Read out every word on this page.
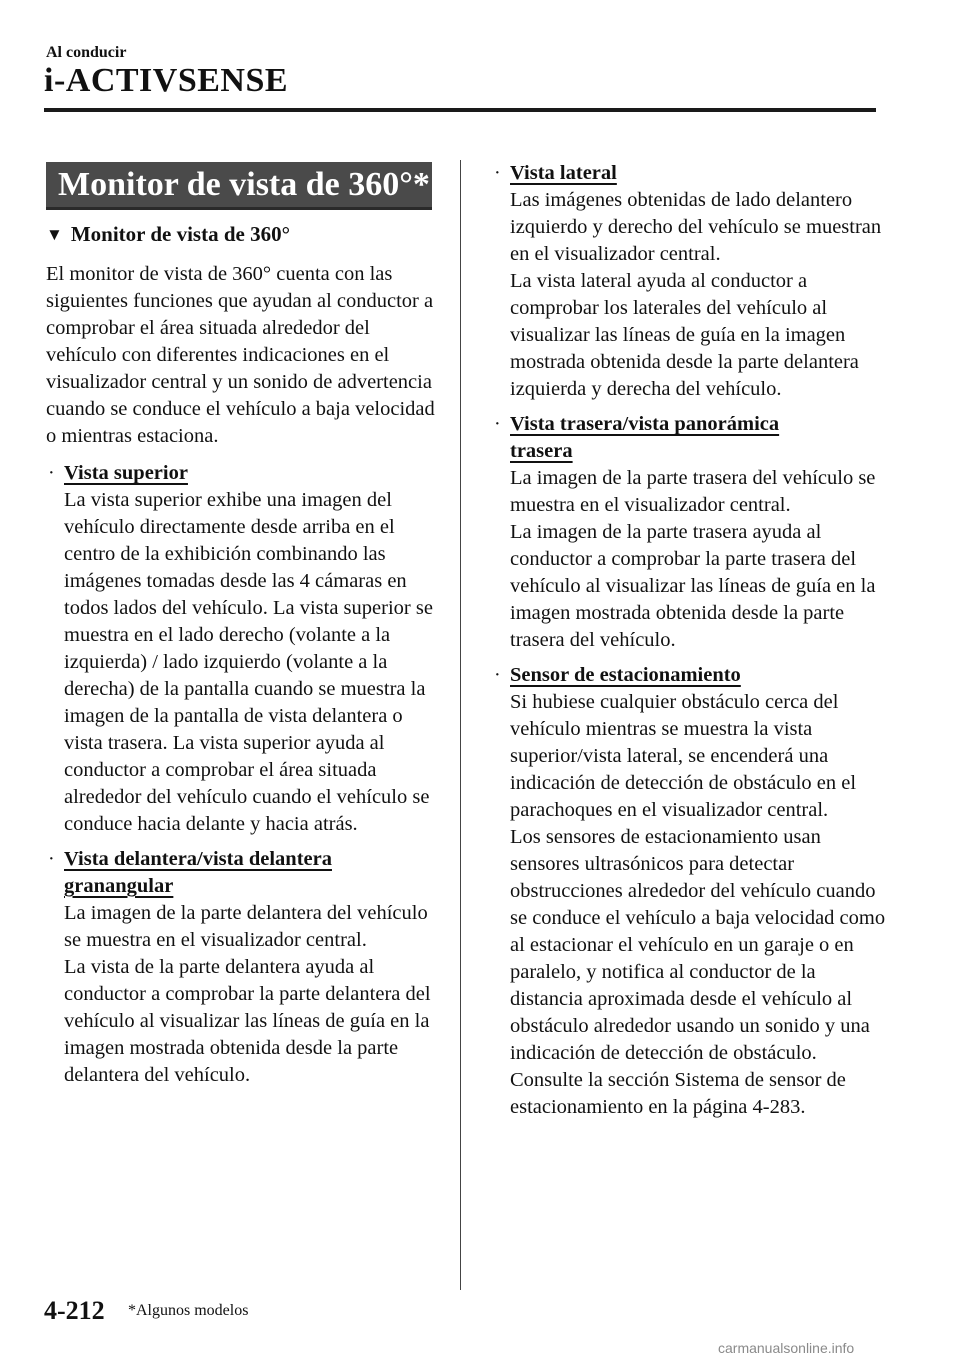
Al conducir
i-ACTIVSENSE
Monitor de vista de 360°*
▼ Monitor de vista de 360°
El monitor de vista de 360° cuenta con las siguientes funciones que ayudan al conductor a comprobar el área situada alrededor del vehículo con diferentes indicaciones en el visualizador central y un sonido de advertencia cuando se conduce el vehículo a baja velocidad o mientras estaciona.
· Vista superior
La vista superior exhibe una imagen del vehículo directamente desde arriba en el centro de la exhibición combinando las imágenes tomadas desde las 4 cámaras en todos lados del vehículo. La vista superior se muestra en el lado derecho (volante a la izquierda) / lado izquierdo (volante a la derecha) de la pantalla cuando se muestra la imagen de la pantalla de vista delantera o vista trasera. La vista superior ayuda al conductor a comprobar el área situada alrededor del vehículo cuando el vehículo se conduce hacia delante y hacia atrás.
· Vista delantera/vista delantera
granangular
La imagen de la parte delantera del vehículo se muestra en el visualizador central.
La vista de la parte delantera ayuda al conductor a comprobar la parte delantera del vehículo al visualizar las líneas de guía en la imagen mostrada obtenida desde la parte delantera del vehículo.
· Vista lateral
Las imágenes obtenidas de lado delantero izquierdo y derecho del vehículo se muestran en el visualizador central.
La vista lateral ayuda al conductor a comprobar los laterales del vehículo al visualizar las líneas de guía en la imagen mostrada obtenida desde la parte delantera izquierda y derecha del vehículo.
· Vista trasera/vista panorámica
trasera
La imagen de la parte trasera del vehículo se muestra en el visualizador central.
La imagen de la parte trasera ayuda al conductor a comprobar la parte trasera del vehículo al visualizar las líneas de guía en la imagen mostrada obtenida desde la parte trasera del vehículo.
· Sensor de estacionamiento
Si hubiese cualquier obstáculo cerca del vehículo mientras se muestra la vista superior/vista lateral, se encenderá una indicación de detección de obstáculo en el parachoques en el visualizador central.
Los sensores de estacionamiento usan sensores ultrasónicos para detectar obstrucciones alrededor del vehículo cuando se conduce el vehículo a baja velocidad como al estacionar el vehículo en un garaje o en paralelo, y notifica al conductor de la distancia aproximada desde el vehículo al obstáculo alrededor usando un sonido y una indicación de detección de obstáculo.
Consulte la sección Sistema de sensor de estacionamiento en la página 4-283.
4-212 *Algunos modelos
carmanualsonline.info
